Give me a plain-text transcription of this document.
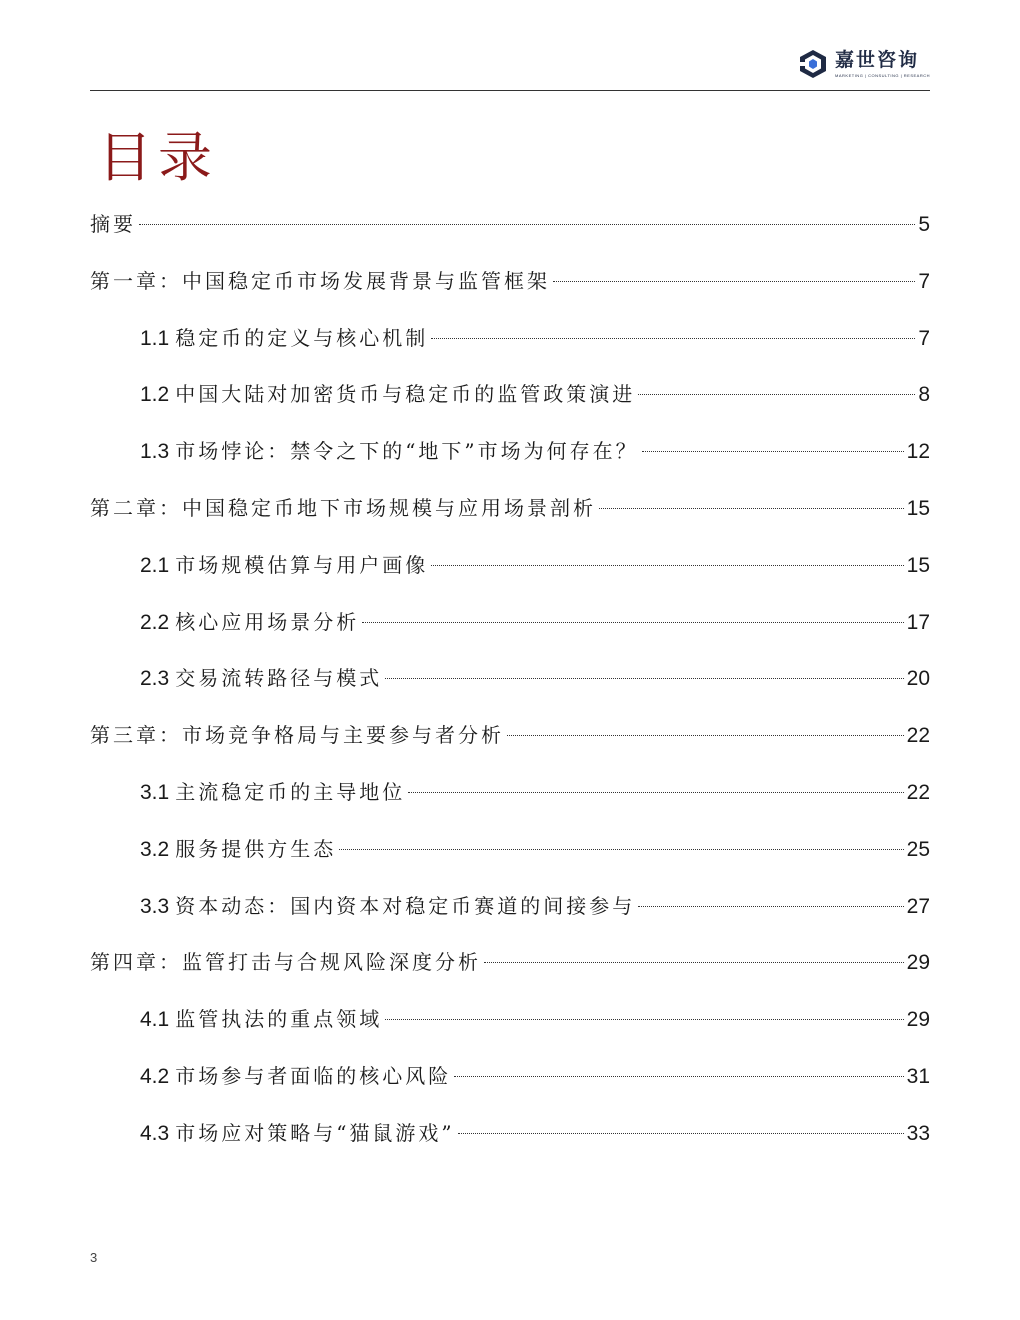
嘉世咨询
MARKETING | CONSULTING | RESEARCH
目录
摘要	5
第一章：中国稳定币市场发展背景与监管框架	7
1.1 稳定币的定义与核心机制	7
1.2 中国大陆对加密货币与稳定币的监管政策演进	8
1.3 市场悖论：禁令之下的“地下”市场为何存在？	12
第二章：中国稳定币地下市场规模与应用场景剖析	15
2.1 市场规模估算与用户画像	15
2.2 核心应用场景分析	17
2.3 交易流转路径与模式	20
第三章：市场竞争格局与主要参与者分析	22
3.1 主流稳定币的主导地位	22
3.2 服务提供方生态	25
3.3 资本动态：国内资本对稳定币赛道的间接参与	27
第四章：监管打击与合规风险深度分析	29
4.1 监管执法的重点领域	29
4.2 市场参与者面临的核心风险	31
4.3 市场应对策略与“猫鼠游戏”	33
3
